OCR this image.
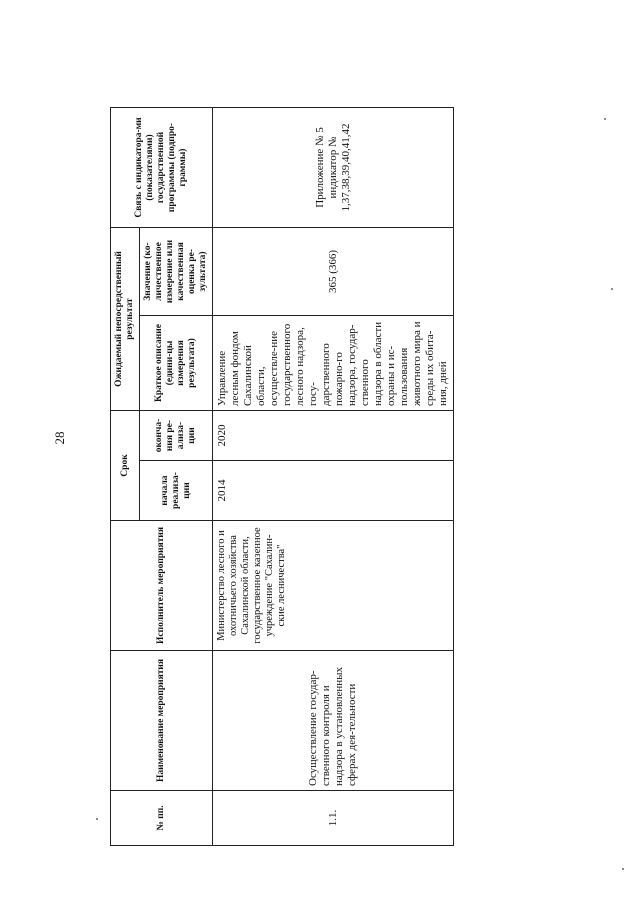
28
№ пп.	Наименование мероприятия	Исполнитель мероприятия	Срок		Ожидаемый непосредственный результат		Связь с индикатора-ми (показателями) государственной программы (подпро-граммы)
			начала реализа-ции	оконча-ния ре-ализа-ции	Краткое описание (едини-цы измерения результата)	Значение (ко-личественное измерение или качественная оценка ре-зультата)	
1.1.	Осуществление государ-ственного контроля и надзора в установленных сферах дея-тельности	Министерство лесного и охотничьего хозяйства Сахалинской области, государственное казенное учреждение "Сахалин-ские лесничества"	2014	2020	Управление лесным фондом Сахалинской области, осуществле-ние государственного лесного надзора, госу-дарственного пожарно-го надзора, государ-ственного надзора в области охраны и ис-пользования животного мира и среды их обита-ния, дней	365 (366)	Приложение № 5 индикатор № 1,37,38,39,40,41,42
